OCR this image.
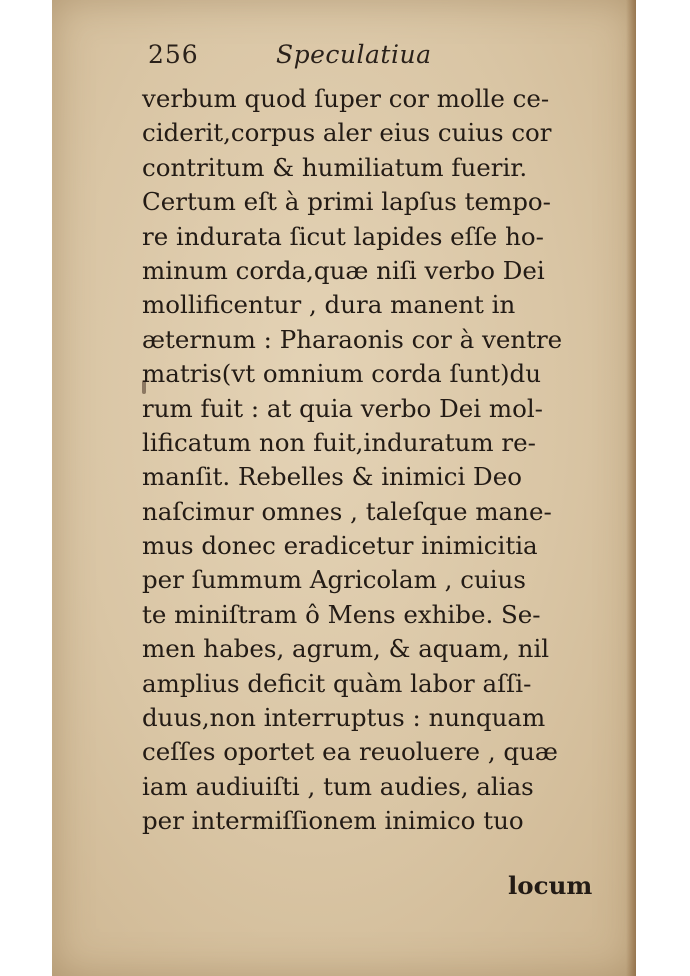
256	Speculatiua
verbum quod ſuper cor molle ce-
ciderit,corpus aler eius cuius cor
contritum & humiliatum fuerir.
Certum eſt à primi lapſus tempo-
re indurata ſicut lapides eſſe ho-
minum corda,quæ niſi verbo Dei
mollificentur , dura manent in
æternum : Pharaonis cor à ventre
matris(vt omnium corda ſunt)du
rum fuit : at quia verbo Dei mol-
lificatum non fuit,induratum re-
manſit. Rebelles & inimici Deo
naſcimur omnes , taleſque mane-
mus donec eradicetur inimicitia
per ſummum Agricolam , cuius
te miniſtram ô Mens exhibe. Se-
men habes, agrum, & aquam, nil
amplius deficit quàm labor aſſi-
duus,non interruptus : nunquam
ceſſes oportet ea reuoluere , quæ
iam audiuiſti , tum audies, alias
per intermiſſionem inimico tuo
locum
